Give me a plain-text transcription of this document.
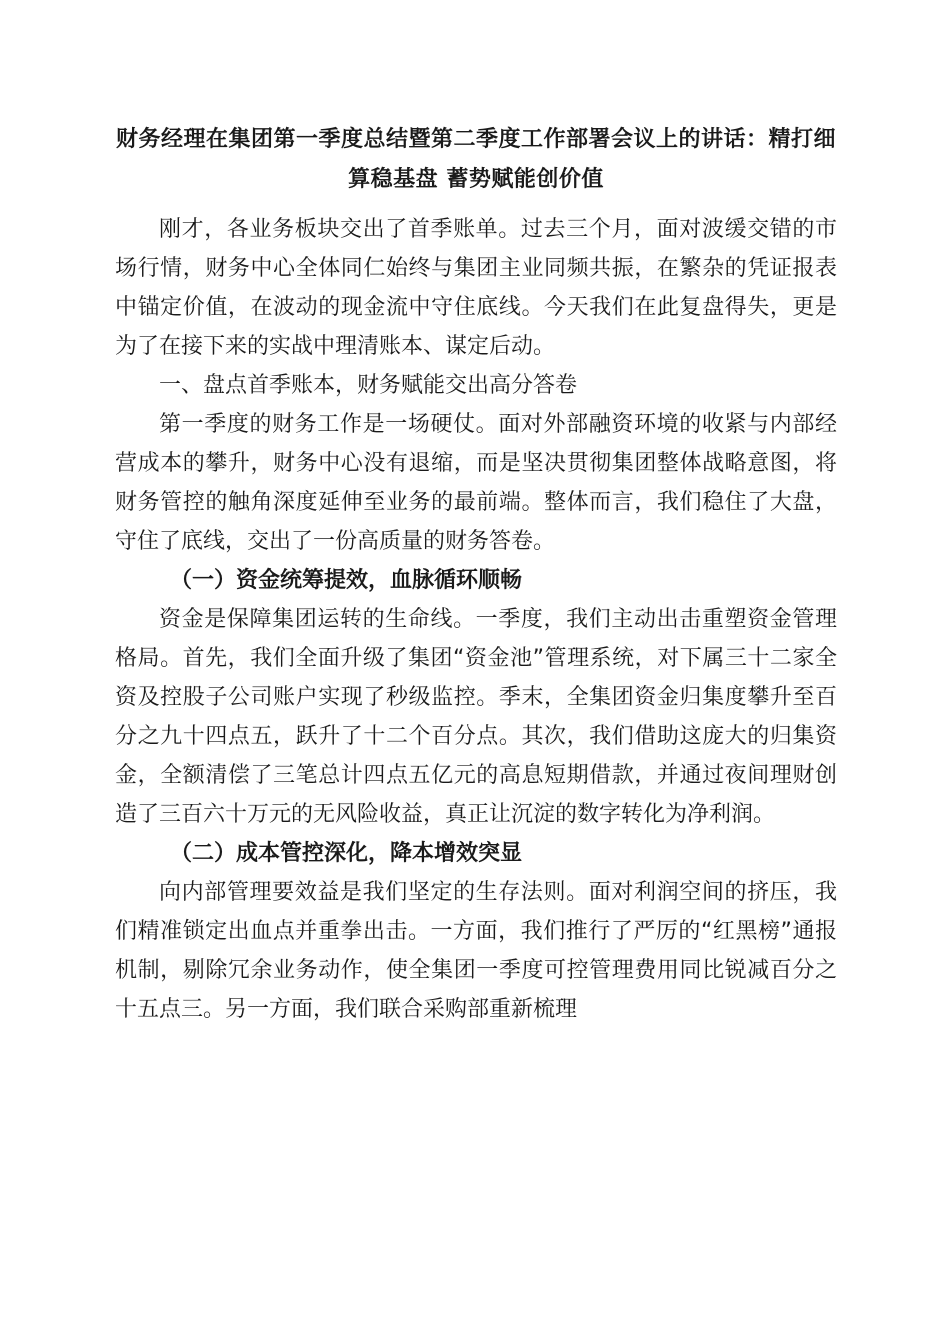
财务经理在集团第一季度总结暨第二季度工作部署会议上的讲话：精打细算稳基盘 蓄势赋能创价值

刚才，各业务板块交出了首季账单。过去三个月，面对波缓交错的市场行情，财务中心全体同仁始终与集团主业同频共振，在繁杂的凭证报表中锚定价值，在波动的现金流中守住底线。今天我们在此复盘得失，更是为了在接下来的实战中理清账本、谋定后动。

一、盘点首季账本，财务赋能交出高分答卷

第一季度的财务工作是一场硬仗。面对外部融资环境的收紧与内部经营成本的攀升，财务中心没有退缩，而是坚决贯彻集团整体战略意图，将财务管控的触角深度延伸至业务的最前端。整体而言，我们稳住了大盘，守住了底线，交出了一份高质量的财务答卷。

（一）资金统筹提效，血脉循环顺畅

资金是保障集团运转的生命线。一季度，我们主动出击重塑资金管理格局。首先，我们全面升级了集团“资金池”管理系统，对下属三十二家全资及控股子公司账户实现了秒级监控。季末，全集团资金归集度攀升至百分之九十四点五，跃升了十二个百分点。其次，我们借助这庞大的归集资金，全额清偿了三笔总计四点五亿元的高息短期借款，并通过夜间理财创造了三百六十万元的无风险收益，真正让沉淀的数字转化为净利润。

（二）成本管控深化，降本增效突显

向内部管理要效益是我们坚定的生存法则。面对利润空间的挤压，我们精准锁定出血点并重拳出击。一方面，我们推行了严厉的“红黑榜”通报机制，剔除冗余业务动作，使全集团一季度可控管理费用同比锐减百分之十五点三。另一方面，我们联合采购部重新梳理
